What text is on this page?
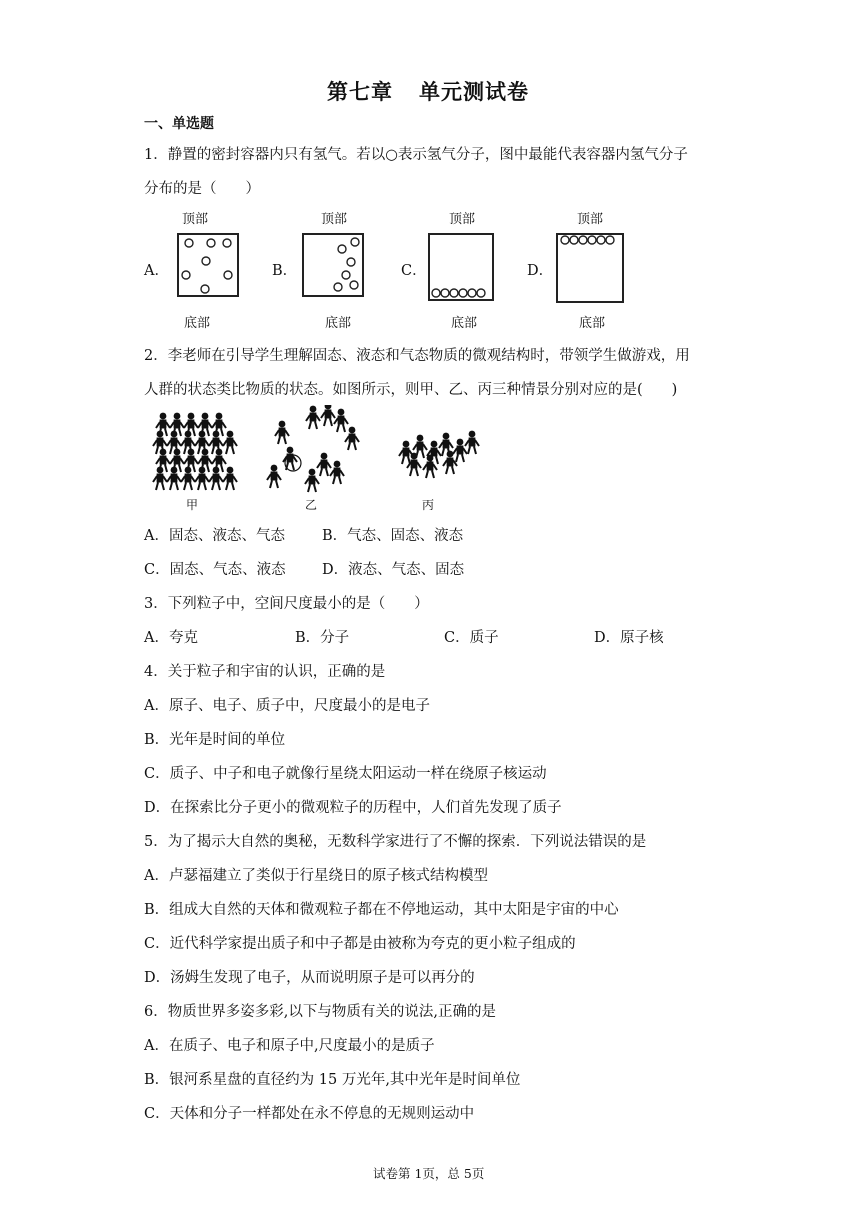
第七章 单元测试卷
一、单选题
1．静置的密封容器内只有氢气。若以○表示氢气分子，图中最能代表容器内氢气分子
分布的是（　　）
A．	B．	C．	D．
顶部
底部
顶部
底部
顶部
底部
顶部
底部
2．李老师在引导学生理解固态、液态和气态物质的微观结构时，带领学生做游戏，用
人群的状态类比物质的状态。如图所示，则甲、乙、丙三种情景分别对应的是(　　)
甲	乙	丙
A．固态、液态、气态	B．气态、固态、液态
C．固态、气态、液态	D．液态、气态、固态
3．下列粒子中，空间尺度最小的是（　　）
A．夸克	B．分子	C．质子	D．原子核
4．关于粒子和宇宙的认识，正确的是
A．原子、电子、质子中，尺度最小的是电子
B．光年是时间的单位
C．质子、中子和电子就像行星绕太阳运动一样在绕原子核运动
D．在探索比分子更小的微观粒子的历程中，人们首先发现了质子
5．为了揭示大自然的奥秘，无数科学家进行了不懈的探索．下列说法错误的是
A．卢瑟福建立了类似于行星绕日的原子核式结构模型
B．组成大自然的天体和微观粒子都在不停地运动，其中太阳是宇宙的中心
C．近代科学家提出质子和中子都是由被称为夸克的更小粒子组成的
D．汤姆生发现了电子，从而说明原子是可以再分的
6．物质世界多姿多彩,以下与物质有关的说法,正确的是
A．在质子、电子和原子中,尺度最小的是质子
B．银河系星盘的直径约为 15 万光年,其中光年是时间单位
C．天体和分子一样都处在永不停息的无规则运动中
试卷第 1页，总 5页
